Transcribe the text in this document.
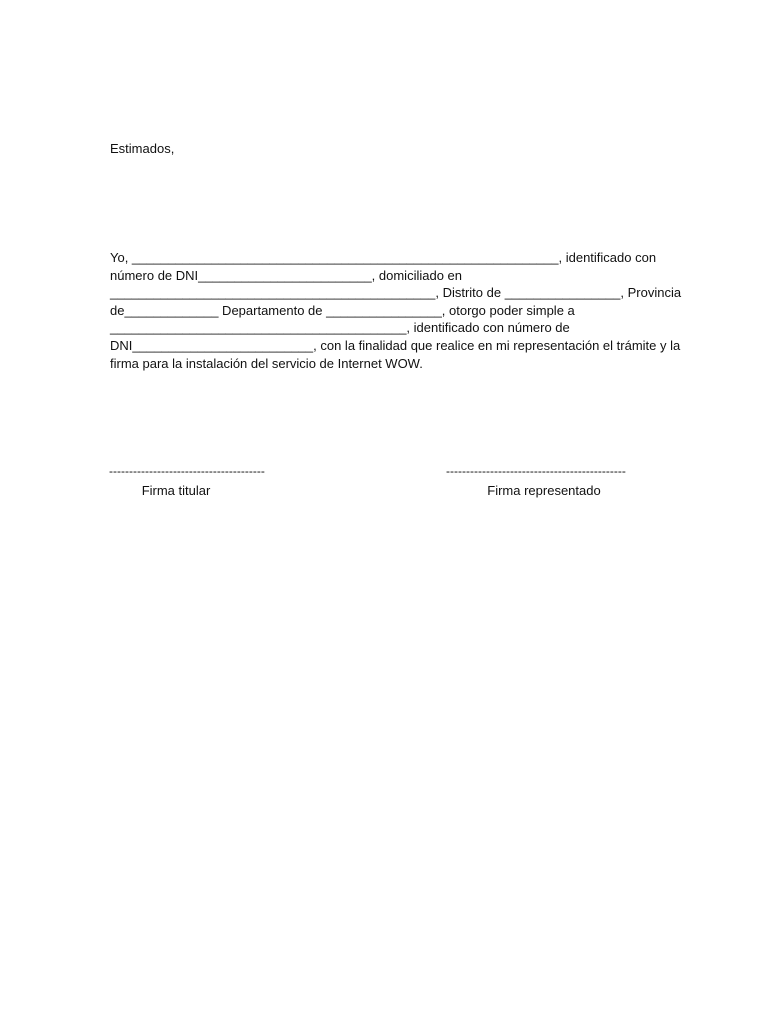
Estimados,
Yo, ___________________________________________________________, identificado con
número de DNI________________________, domiciliado en
_____________________________________________, Distrito de ________________, Provincia
de_____________ Departamento de ________________, otorgo poder simple a
_________________________________________, identificado con número de
DNI_________________________, con la finalidad que realice en mi representación el trámite y la
firma para la instalación del servicio de Internet WOW.
---------------------------------------
Firma titular
---------------------------------------------
Firma representado
